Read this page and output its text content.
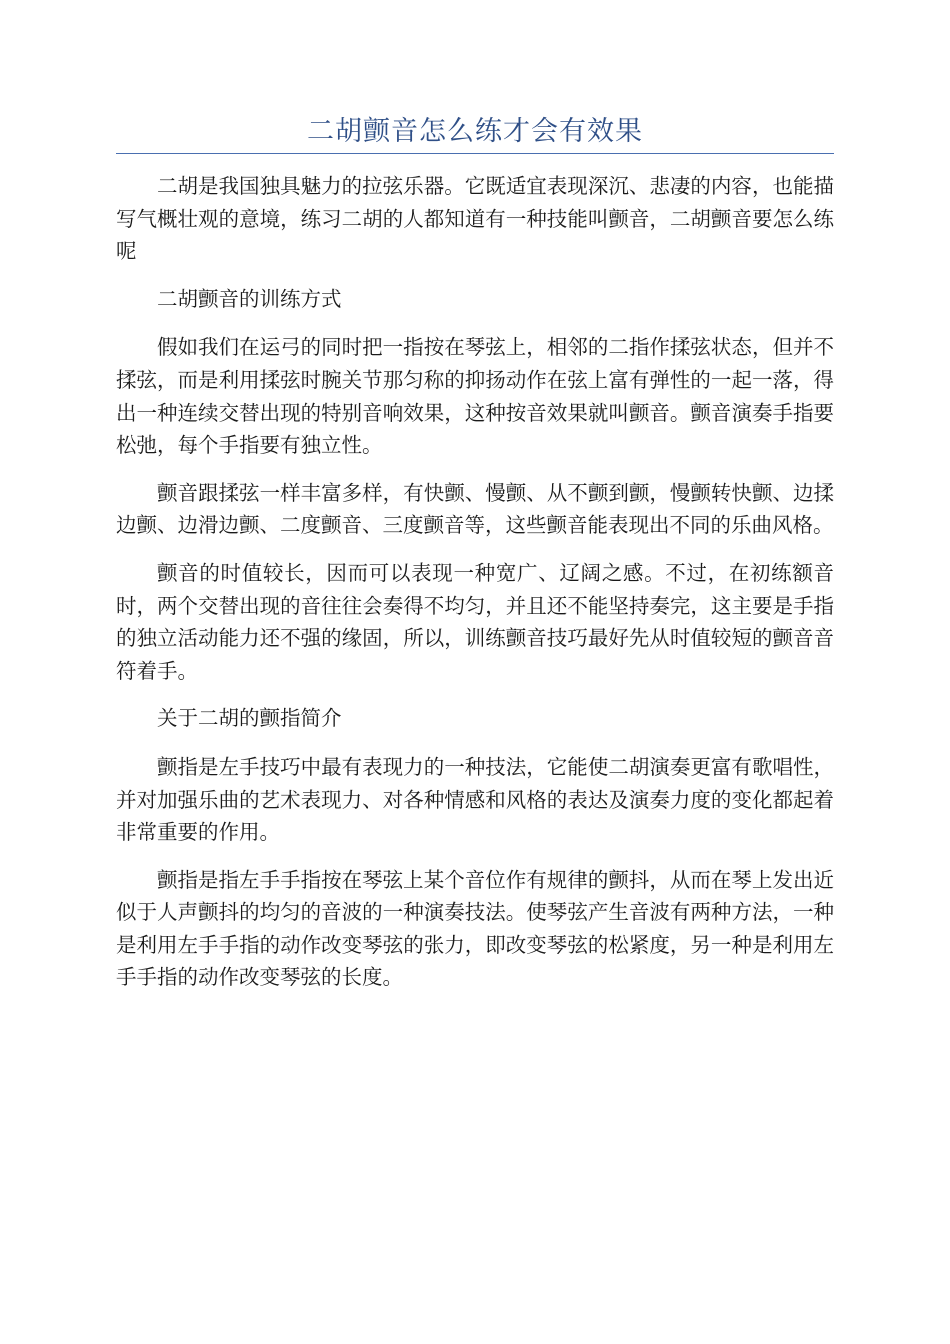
二胡颤音怎么练才会有效果

二胡是我国独具魅力的拉弦乐器。它既适宜表现深沉、悲凄的内容，也能描写气概壮观的意境，练习二胡的人都知道有一种技能叫颤音，二胡颤音要怎么练呢

二胡颤音的训练方式

假如我们在运弓的同时把一指按在琴弦上，相邻的二指作揉弦状态，但并不揉弦，而是利用揉弦时腕关节那匀称的抑扬动作在弦上富有弹性的一起一落，得出一种连续交替出现的特别音响效果，这种按音效果就叫颤音。颤音演奏手指要松弛，每个手指要有独立性。

颤音跟揉弦一样丰富多样，有快颤、慢颤、从不颤到颤，慢颤转快颤、边揉边颤、边滑边颤、二度颤音、三度颤音等，这些颤音能表现出不同的乐曲风格。

颤音的时值较长，因而可以表现一种宽广、辽阔之感。不过，在初练额音时，两个交替出现的音往往会奏得不均匀，并且还不能坚持奏完，这主要是手指的独立活动能力还不强的缘固，所以，训练颤音技巧最好先从时值较短的颤音音符着手。

关于二胡的颤指简介

颤指是左手技巧中最有表现力的一种技法，它能使二胡演奏更富有歌唱性，并对加强乐曲的艺术表现力、对各种情感和风格的表达及演奏力度的变化都起着非常重要的作用。

颤指是指左手手指按在琴弦上某个音位作有规律的颤抖，从而在琴上发出近似于人声颤抖的均匀的音波的一种演奏技法。使琴弦产生音波有两种方法，一种是利用左手手指的动作改变琴弦的张力，即改变琴弦的松紧度，另一种是利用左手手指的动作改变琴弦的长度。
